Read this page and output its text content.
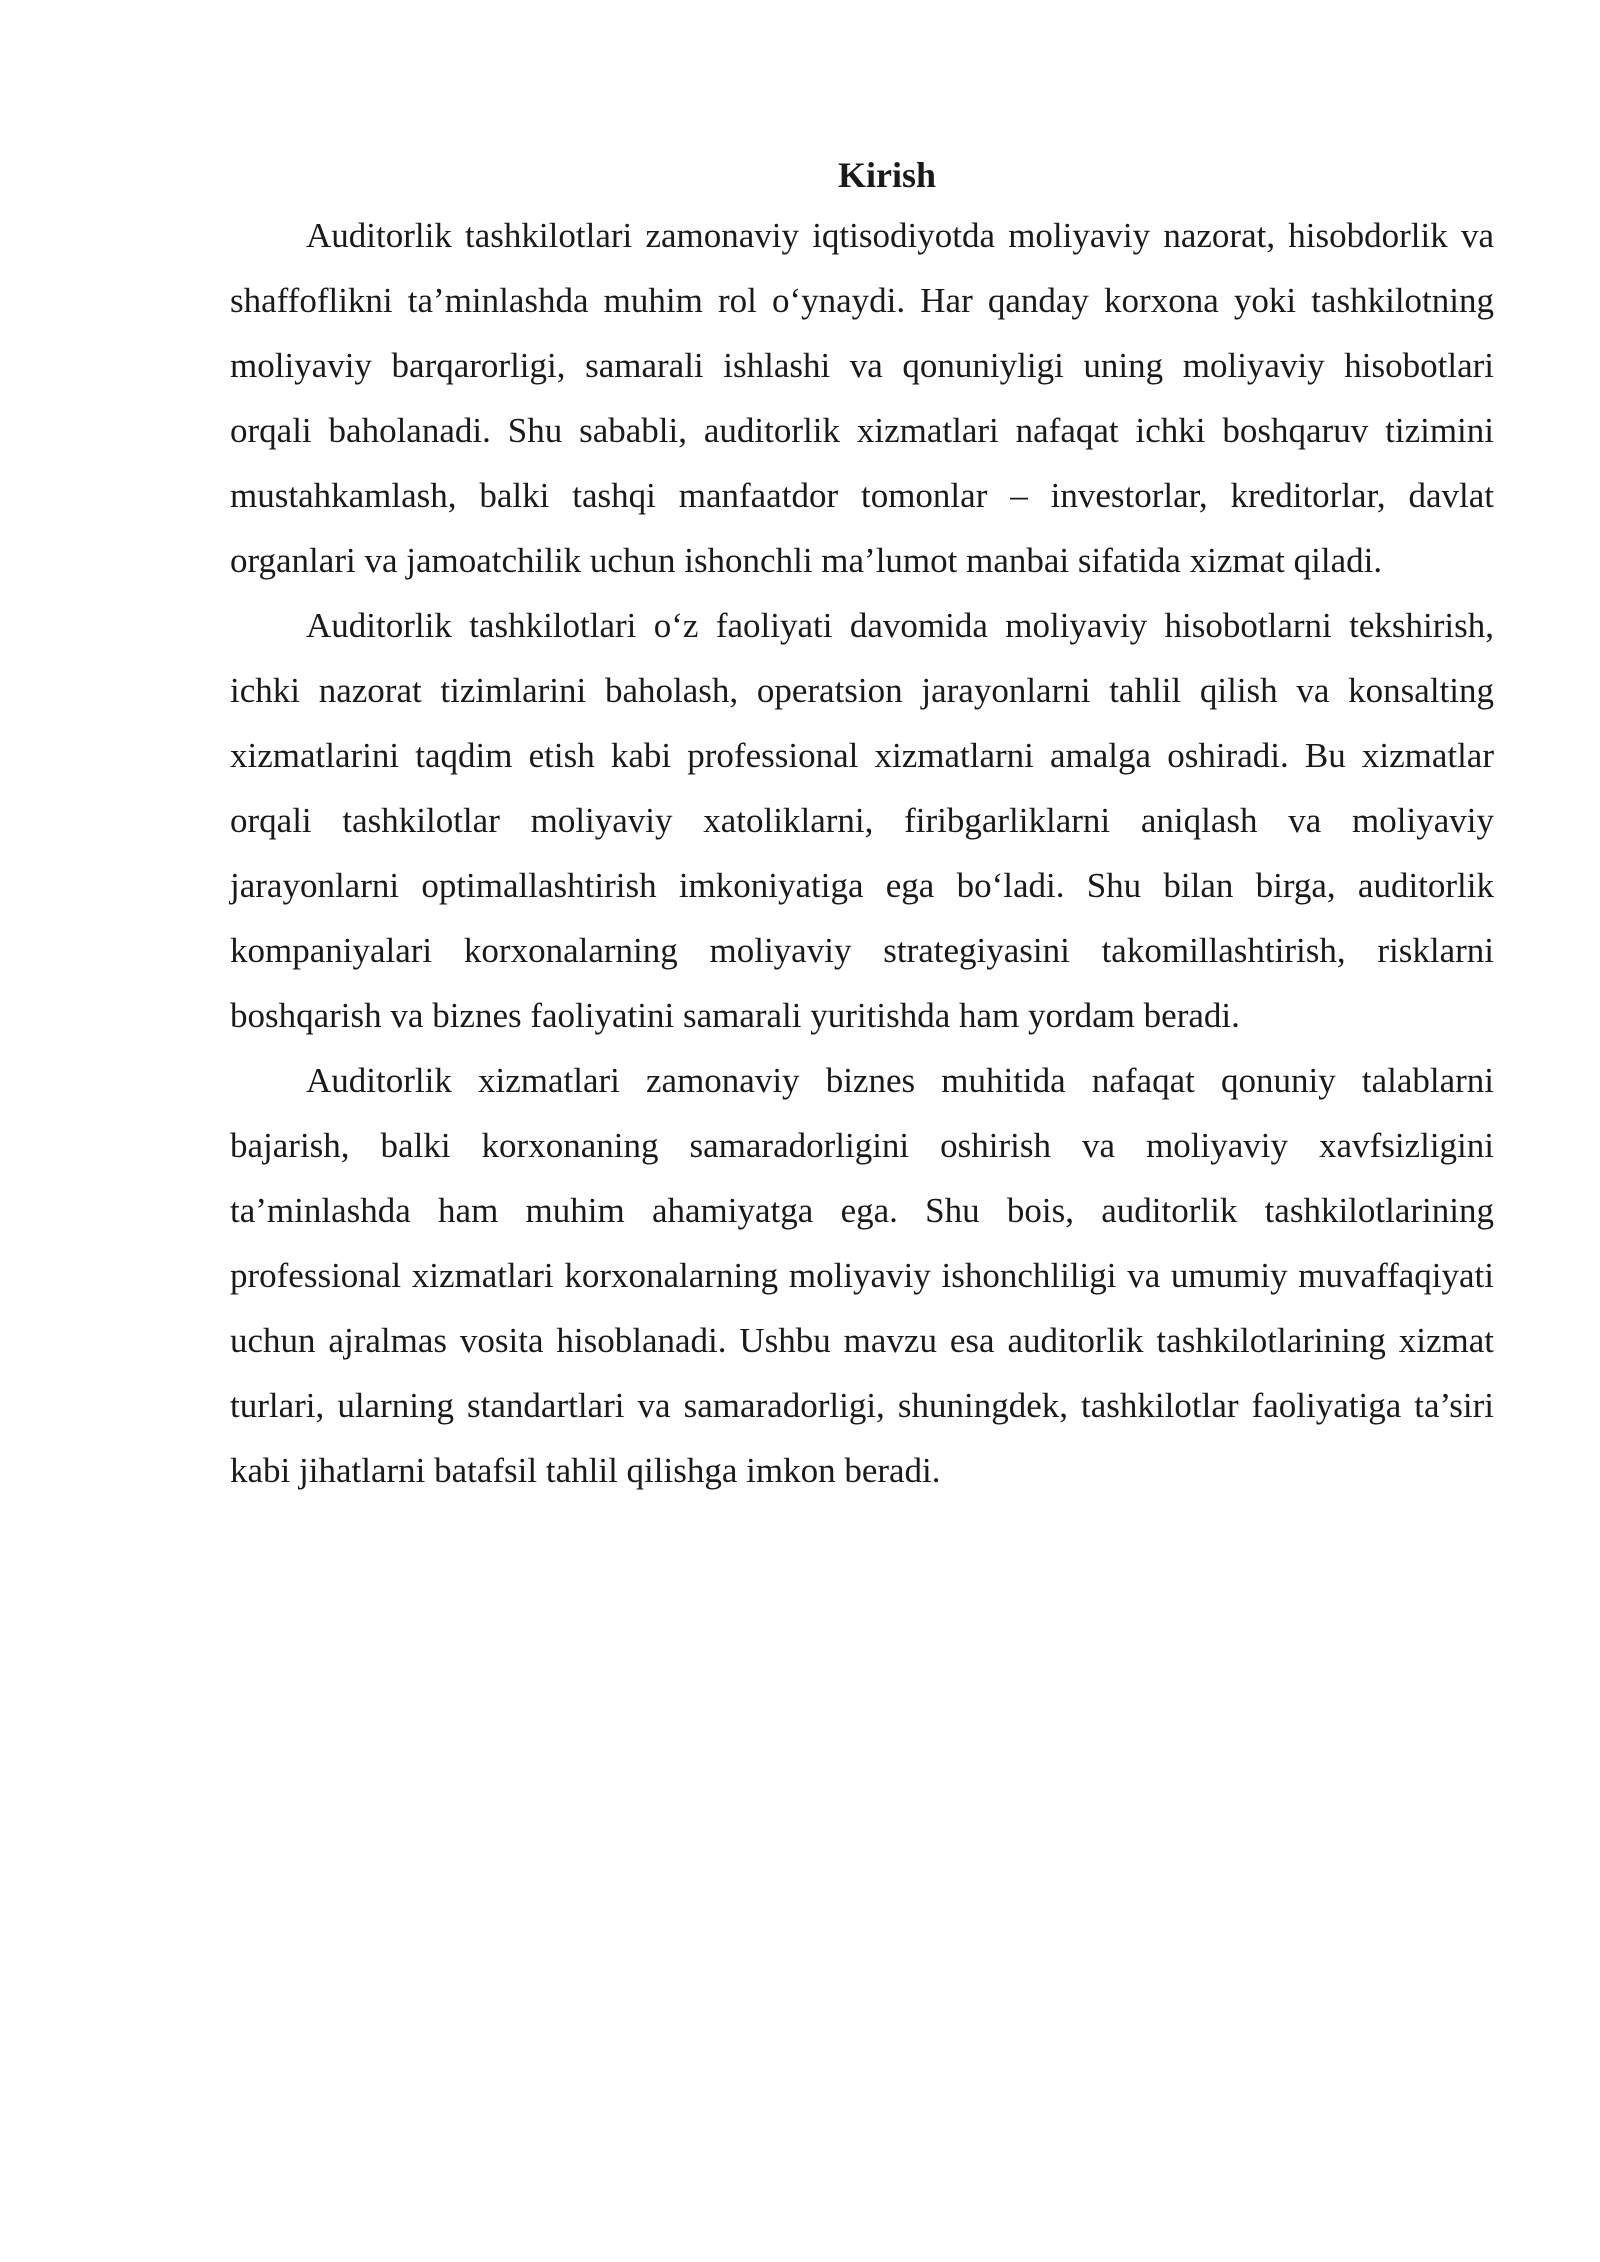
Kirish

Auditorlik tashkilotlari zamonaviy iqtisodiyotda moliyaviy nazorat, hisobdorlik va shaffoflikni ta’minlashda muhim rol o‘ynaydi. Har qanday korxona yoki tashkilotning moliyaviy barqarorligi, samarali ishlashi va qonuniyligi uning moliyaviy hisobotlari orqali baholanadi. Shu sababli, auditorlik xizmatlari nafaqat ichki boshqaruv tizimini mustahkamlash, balki tashqi manfaatdor tomonlar – investorlar, kreditorlar, davlat organlari va jamoatchilik uchun ishonchli ma’lumot manbai sifatida xizmat qiladi.

Auditorlik tashkilotlari o‘z faoliyati davomida moliyaviy hisobotlarni tekshirish, ichki nazorat tizimlarini baholash, operatsion jarayonlarni tahlil qilish va konsalting xizmatlarini taqdim etish kabi professional xizmatlarni amalga oshiradi. Bu xizmatlar orqali tashkilotlar moliyaviy xatoliklarni, firibgarliklarni aniqlash va moliyaviy jarayonlarni optimallashtirish imkoniyatiga ega bo‘ladi. Shu bilan birga, auditorlik kompaniyalari korxonalarning moliyaviy strategiyasini takomillashtirish, risklarni boshqarish va biznes faoliyatini samarali yuritishda ham yordam beradi.

Auditorlik xizmatlari zamonaviy biznes muhitida nafaqat qonuniy talablarni bajarish, balki korxonaning samaradorligini oshirish va moliyaviy xavfsizligini ta’minlashda ham muhim ahamiyatga ega. Shu bois, auditorlik tashkilotlarining professional xizmatlari korxonalarning moliyaviy ishonchliligi va umumiy muvaffaqiyati uchun ajralmas vosita hisoblanadi. Ushbu mavzu esa auditorlik tashkilotlarining xizmat turlari, ularning standartlari va samaradorligi, shuningdek, tashkilotlar faoliyatiga ta’siri kabi jihatlarni batafsil tahlil qilishga imkon beradi.
